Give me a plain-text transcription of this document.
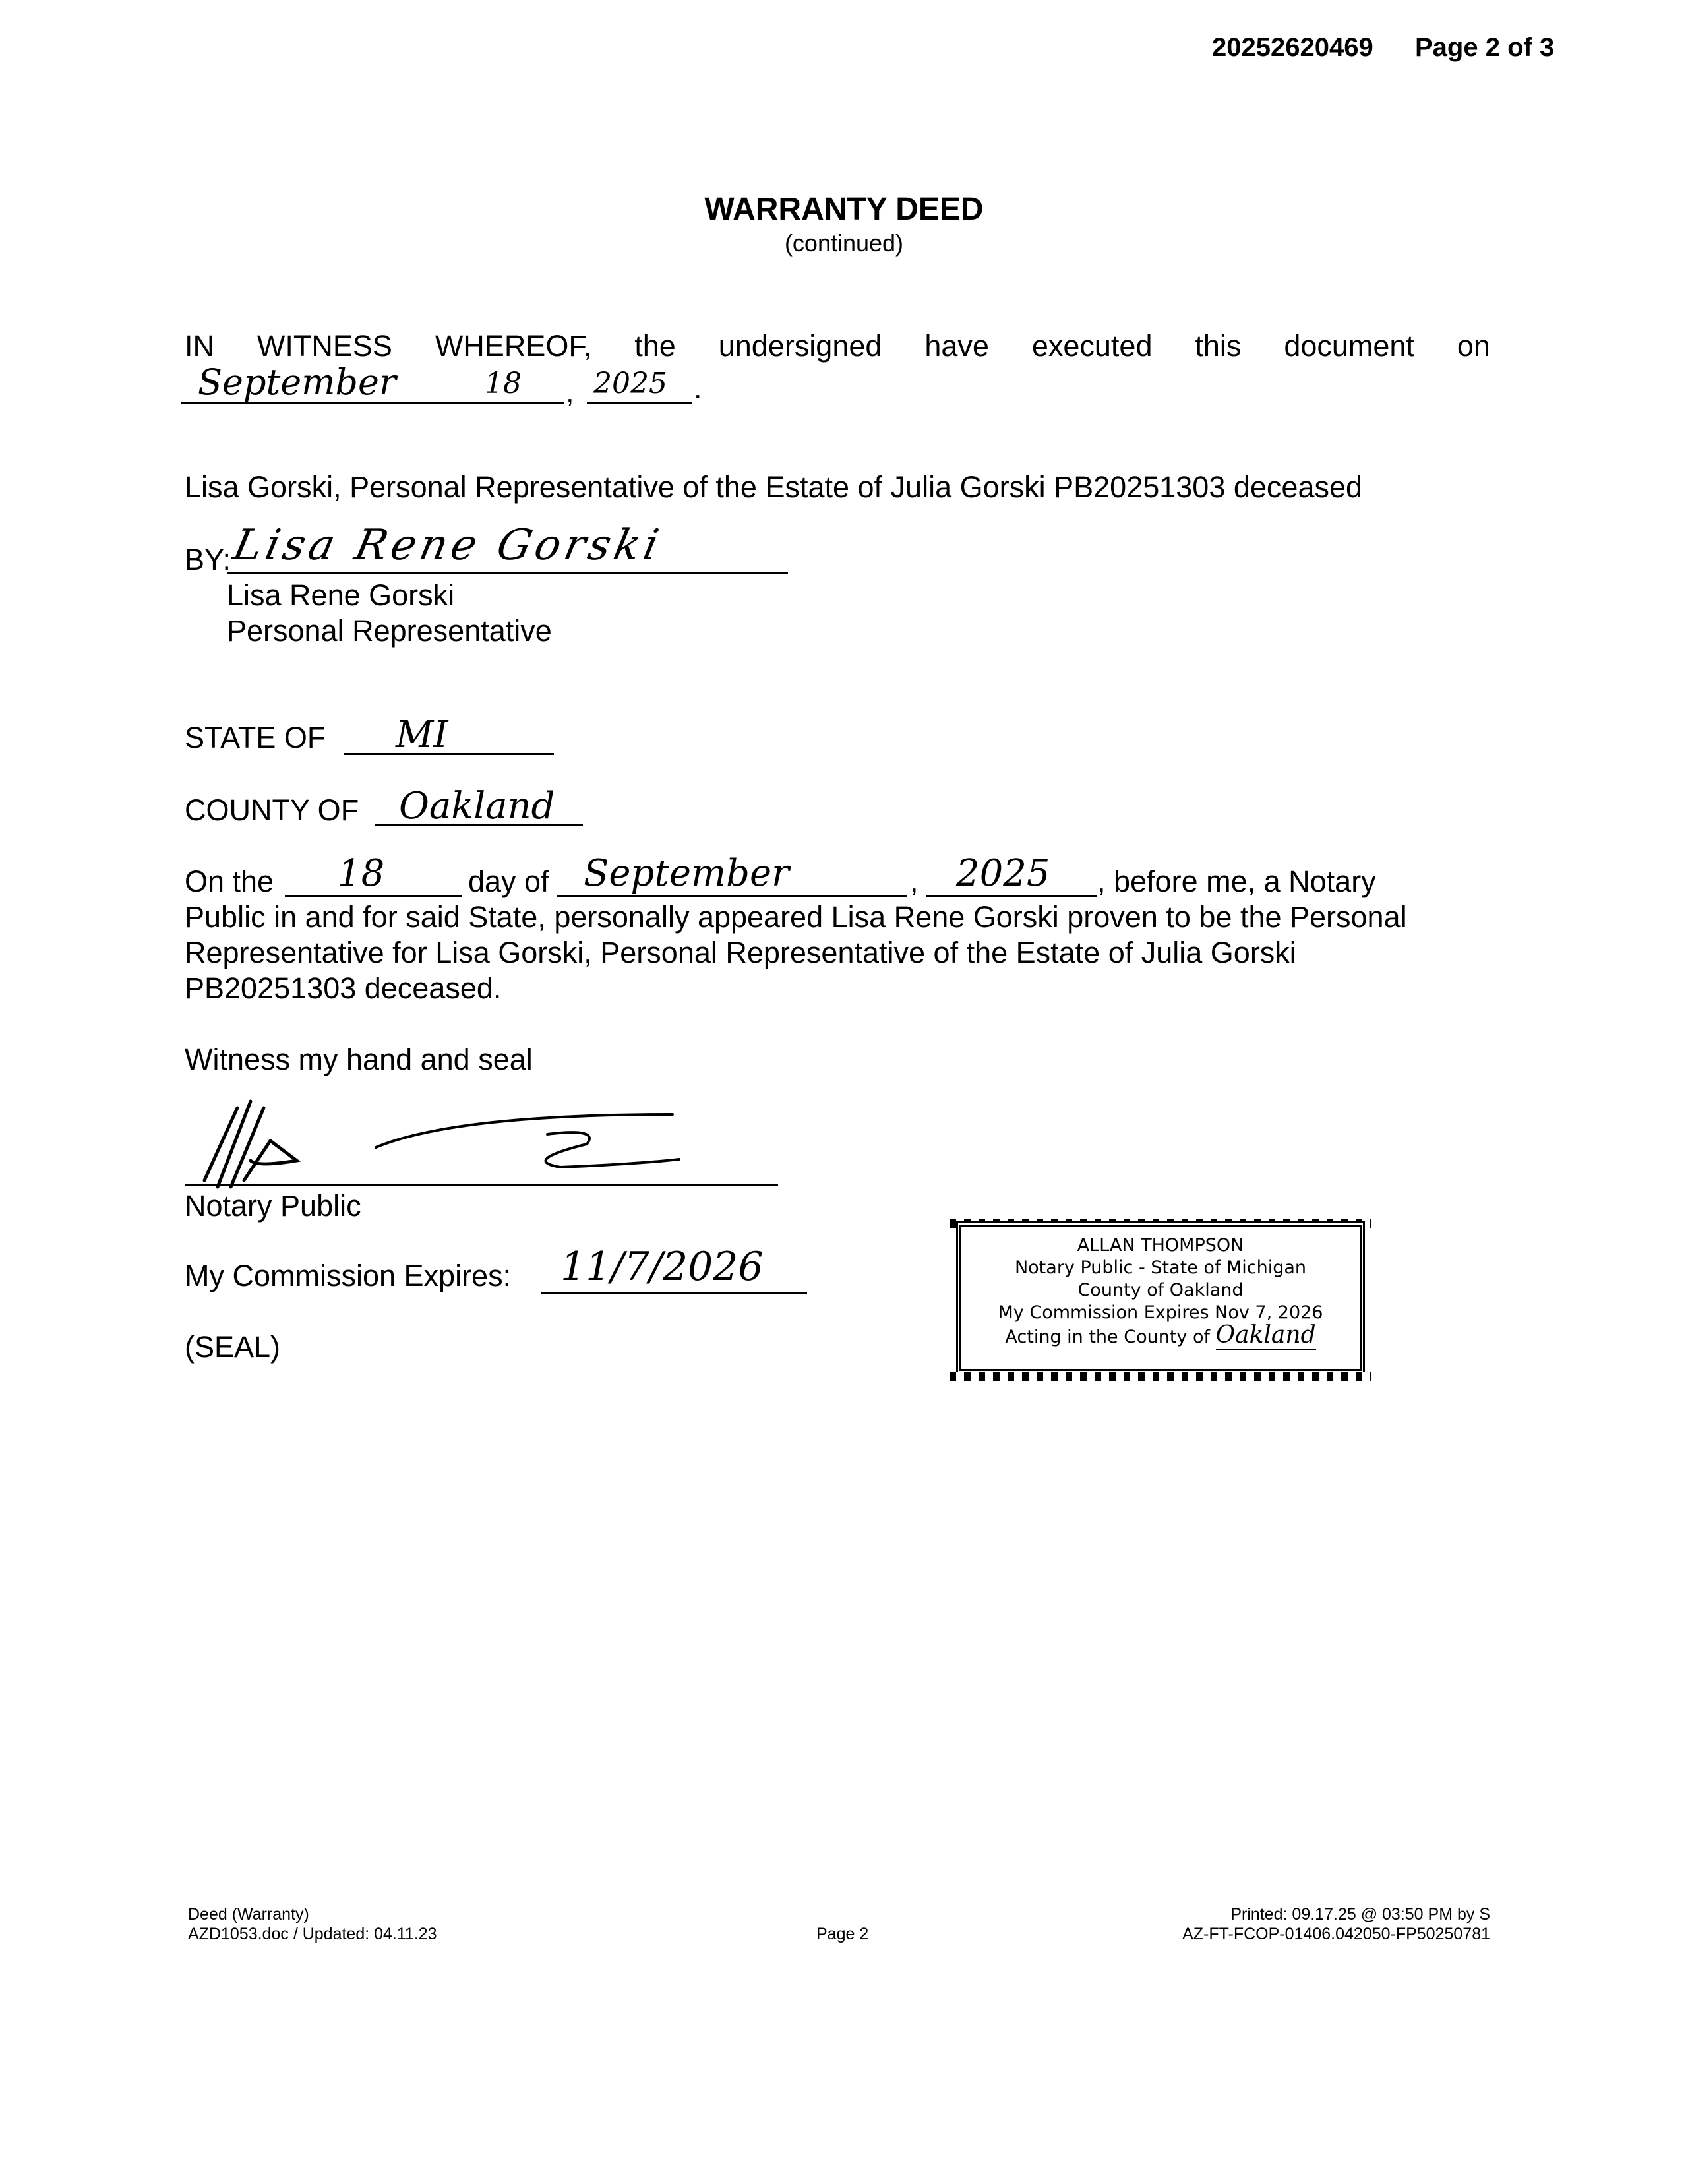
20252620469 Page 2 of 3
WARRANTY DEED
(continued)
IN WITNESS WHEREOF, the undersigned have executed this document on
September	18 , 2025 .
Lisa Gorski, Personal Representative of the Estate of Julia Gorski PB20251303 deceased
BY:
Lisa Rene Gorski
Lisa Rene Gorski
Personal Representative
STATE OF MI
COUNTY OF Oakland
On the 18	day of September	, 2025 , before me, a Notary
Public in and for said State, personally appeared Lisa Rene Gorski proven to be the Personal
Representative for Lisa Gorski, Personal Representative of the Estate of Julia Gorski
PB20251303 deceased.
Witness my hand and seal
Notary Public
My Commission Expires: 11/7/2026
(SEAL)
ALLAN THOMPSON
Notary Public - State of Michigan
County of Oakland
My Commission Expires Nov 7, 2026
Acting in the County of Oakland
Deed (Warranty)
AZD1053.doc / Updated: 04.11.23	Page 2
Printed: 09.17.25 @ 03:50 PM by S
AZ-FT-FCOP-01406.042050-FP50250781
